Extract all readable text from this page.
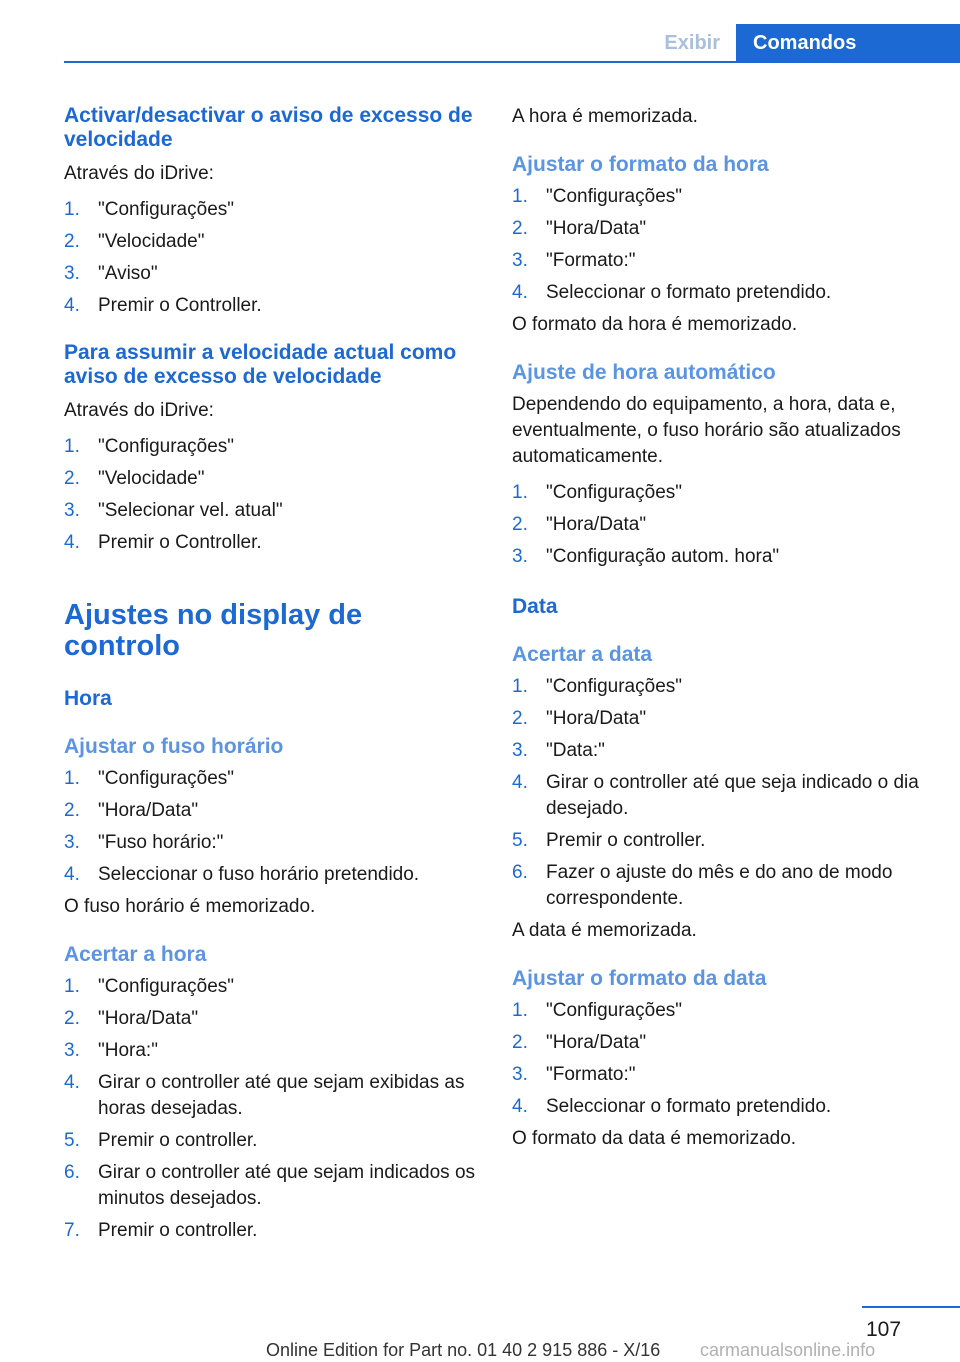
Exibir	Comandos
Activar/desactivar o aviso de excesso de velocidade

Através do iDrive:

1. "Configurações"
2. "Velocidade"
3. "Aviso"
4. Premir o Controller.
Para assumir a velocidade actual como aviso de excesso de velocidade

Através do iDrive:

1. "Configurações"
2. "Velocidade"
3. "Selecionar vel. atual"
4. Premir o Controller.
Ajustes no display de controlo
Hora
Ajustar o fuso horário
1. "Configurações"
2. "Hora/Data"
3. "Fuso horário:"
4. Seleccionar o fuso horário pretendido.

O fuso horário é memorizado.

Acertar a hora
1. "Configurações"
2. "Hora/Data"
3. "Hora:"
4. Girar o controller até que sejam exibidas as horas desejadas.
5. Premir o controller.
6. Girar o controller até que sejam indicados os minutos desejados.
7. Premir o controller.

A hora é memorizada.

Ajustar o formato da hora
1. "Configurações"
2. "Hora/Data"
3. "Formato:"
4. Seleccionar o formato pretendido.

O formato da hora é memorizado.

Ajuste de hora automático

Dependendo do equipamento, a hora, data e, eventualmente, o fuso horário são atualizados automaticamente.

1. "Configurações"
2. "Hora/Data"
3. "Configuração autom. hora"
Data
Acertar a data
1. "Configurações"
2. "Hora/Data"
3. "Data:"
4. Girar o controller até que seja indicado o dia desejado.
5. Premir o controller.
6. Fazer o ajuste do mês e do ano de modo correspondente.

A data é memorizada.

Ajustar o formato da data
1. "Configurações"
2. "Hora/Data"
3. "Formato:"
4. Seleccionar o formato pretendido.

O formato da data é memorizado.

107
Online Edition for Part no. 01 40 2 915 886 - X/16 carmanualsonline.info
